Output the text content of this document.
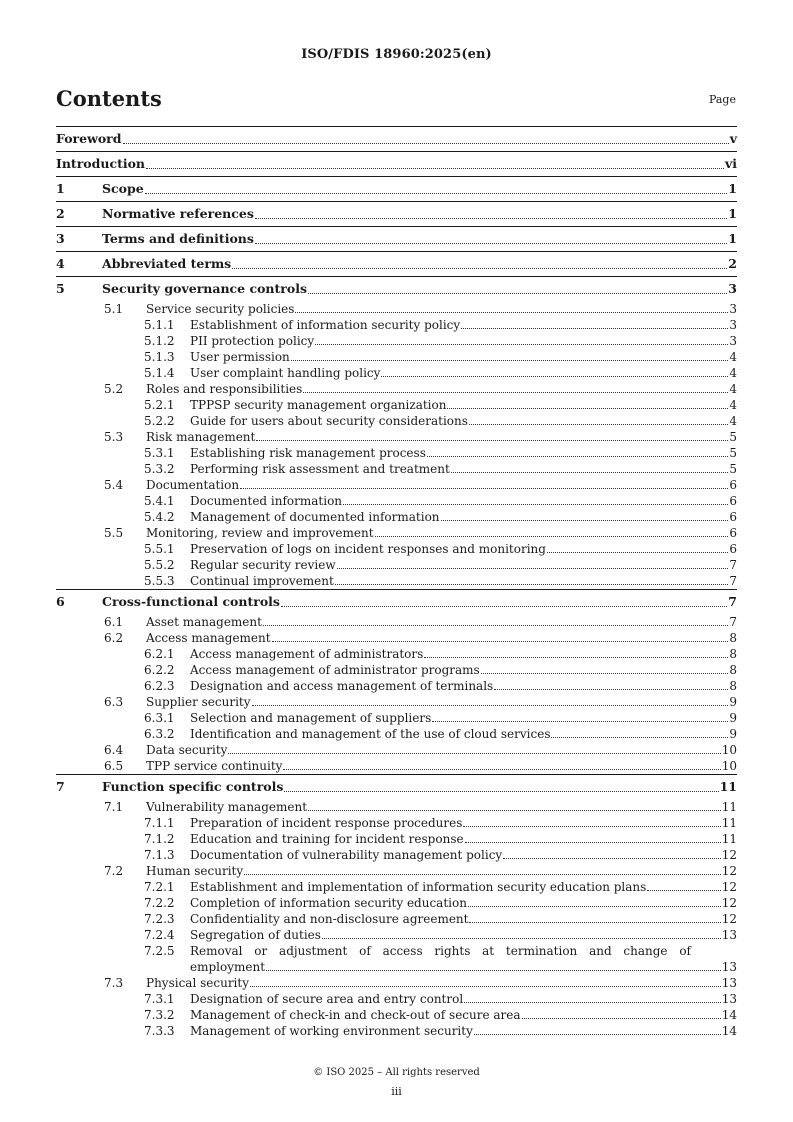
ISO/FDIS 18960:2025(en)
Contents	Page
Foreword	v
Introduction	vi
1	Scope	1
2	Normative references	1
3	Terms and definitions	1
4	Abbreviated terms	2
5	Security governance controls	3
5.1	Service security policies	3
5.1.1	Establishment of information security policy	3
5.1.2	PII protection policy	3
5.1.3	User permission	4
5.1.4	User complaint handling policy	4
5.2	Roles and responsibilities	4
5.2.1	TPPSP security management organization	4
5.2.2	Guide for users about security considerations	4
5.3	Risk management	5
5.3.1	Establishing risk management process	5
5.3.2	Performing risk assessment and treatment	5
5.4	Documentation	6
5.4.1	Documented information	6
5.4.2	Management of documented information	6
5.5	Monitoring, review and improvement	6
5.5.1	Preservation of logs on incident responses and monitoring	6
5.5.2	Regular security review	7
5.5.3	Continual improvement	7
6	Cross-functional controls	7
6.1	Asset management	7
6.2	Access management	8
6.2.1	Access management of administrators	8
6.2.2	Access management of administrator programs	8
6.2.3	Designation and access management of terminals	8
6.3	Supplier security	9
6.3.1	Selection and management of suppliers	9
6.3.2	Identification and management of the use of cloud services	9
6.4	Data security	10
6.5	TPP service continuity	10
7	Function specific controls	11
7.1	Vulnerability management	11
7.1.1	Preparation of incident response procedures	11
7.1.2	Education and training for incident response	11
7.1.3	Documentation of vulnerability management policy	12
7.2	Human security	12
7.2.1	Establishment and implementation of information security education plans	12
7.2.2	Completion of information security education	12
7.2.3	Confidentiality and non-disclosure agreement	12
7.2.4	Segregation of duties	13
7.2.5	Removal or adjustment of access rights at termination and change of
employment	13
7.3	Physical security	13
7.3.1	Designation of secure area and entry control	13
7.3.2	Management of check-in and check-out of secure area	14
7.3.3	Management of working environment security	14
© ISO 2025 – All rights reserved
iii
